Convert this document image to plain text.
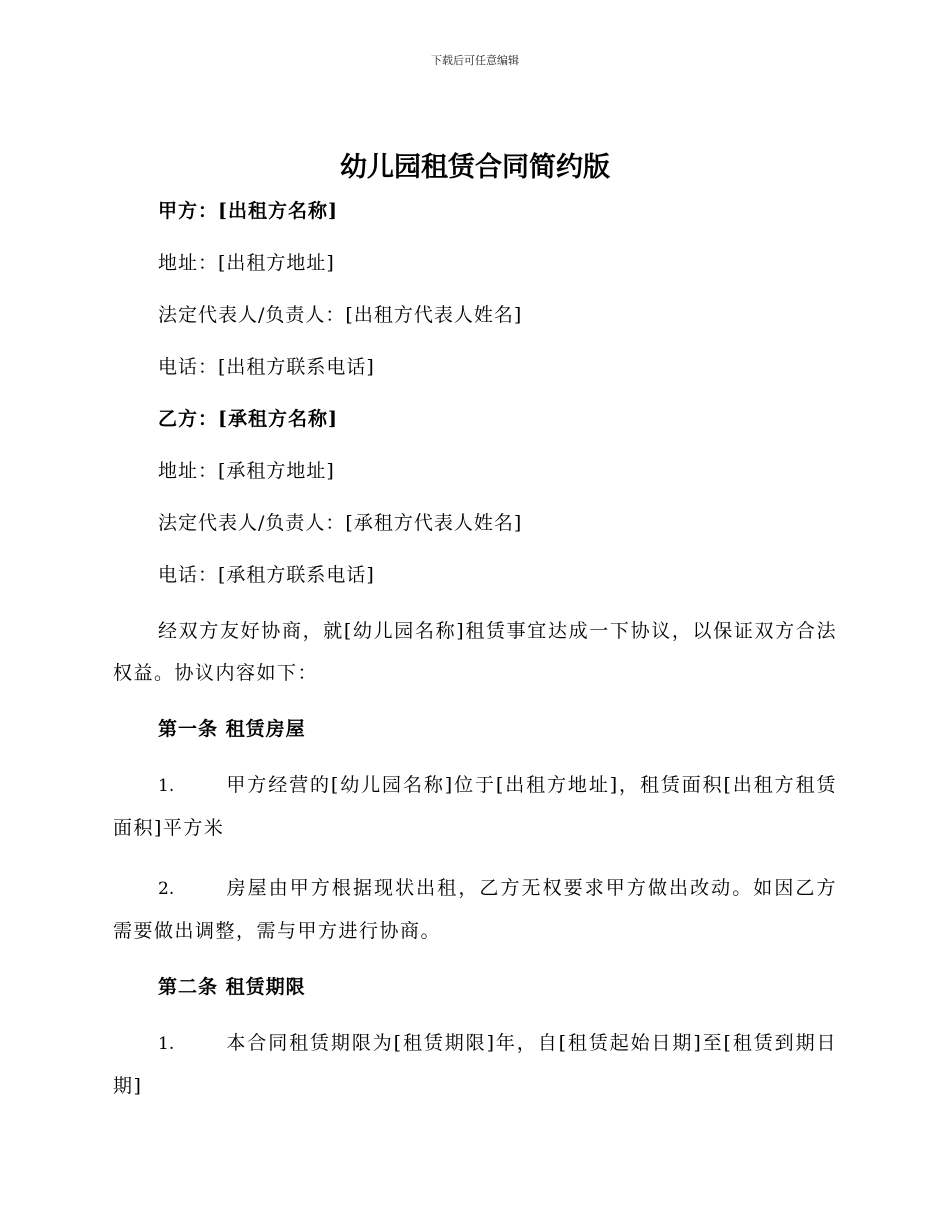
下载后可任意编辑
幼儿园租赁合同简约版
甲方：[出租方名称]
地址：[出租方地址]
法定代表人/负责人：[出租方代表人姓名]
电话：[出租方联系电话]
乙方：[承租方名称]
地址：[承租方地址]
法定代表人/负责人：[承租方代表人姓名]
电话：[承租方联系电话]

经双方友好协商，就[幼儿园名称]租赁事宜达成一下协议，以保证双方合法权益。协议内容如下：

第一条 租赁房屋

1.	甲方经营的[幼儿园名称]位于[出租方地址]，租赁面积[出租方租赁面积]平方米

2.	房屋由甲方根据现状出租，乙方无权要求甲方做出改动。如因乙方需要做出调整，需与甲方进行协商。

第二条 租赁期限

1.	本合同租赁期限为[租赁期限]年，自[租赁起始日期]至[租赁到期日期]
